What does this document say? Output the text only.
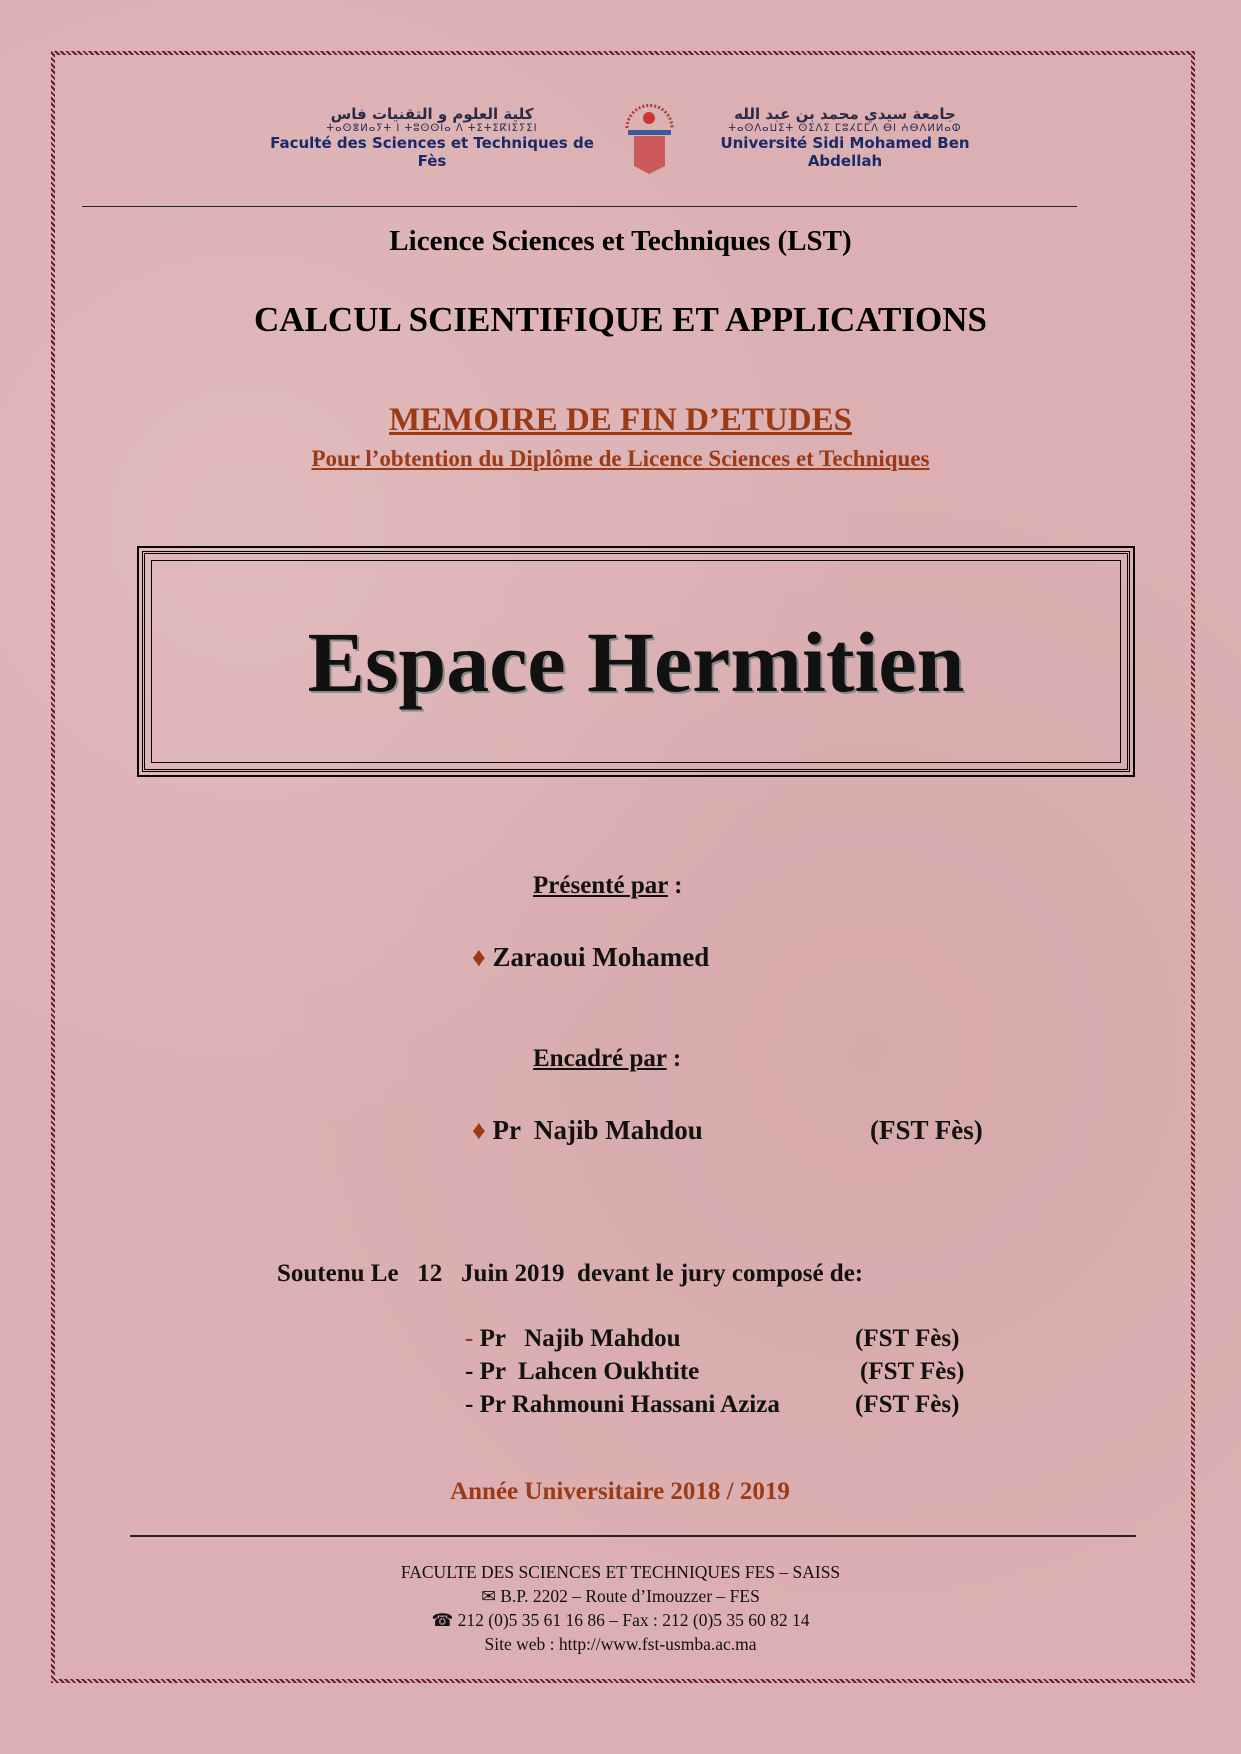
كلية العلوم و التقنيات فاس
ⵜⴰⵙⴻⵍⴰⵢⵜ ⵏ ⵜⵓⵙⵙⵏⴰ ⴷ ⵜⵉⵜⵉⴽⵏⵉⵢⵉⵏ
Faculté des Sciences et Techniques de Fès
جامعة سيدي محمد بن عبد الله
ⵜⴰⵙⴷⴰⵡⵉⵜ ⵙⵉⴷⵉ ⵎⵓⵃⵎⵎⴷ ⴱⵏ ⵄⴱⴷⵍⵍⴰⵀ
Université Sidi Mohamed Ben Abdellah
Licence Sciences et Techniques (LST)
CALCUL SCIENTIFIQUE ET APPLICATIONS
MEMOIRE DE FIN D’ETUDES
Pour l’obtention du Diplôme de Licence Sciences et Techniques
Espace Hermitien
Présenté par :
♦ Zaraoui Mohamed
Encadré par :
♦ Pr  Najib Mahdou	(FST Fès)
Soutenu Le   12   Juin 2019  devant le jury composé de:
- Pr   Najib Mahdou	(FST Fès)
- Pr  Lahcen Oukhtite	(FST Fès)
- Pr Rahmouni Hassani Aziza	(FST Fès)
Année Universitaire 2018 / 2019
FACULTE DES SCIENCES ET TECHNIQUES FES – SAISS
✉ B.P. 2202 – Route d’Imouzzer – FES
☎ 212 (0)5 35 61 16 86 – Fax : 212 (0)5 35 60 82 14
Site web : http://www.fst-usmba.ac.ma
